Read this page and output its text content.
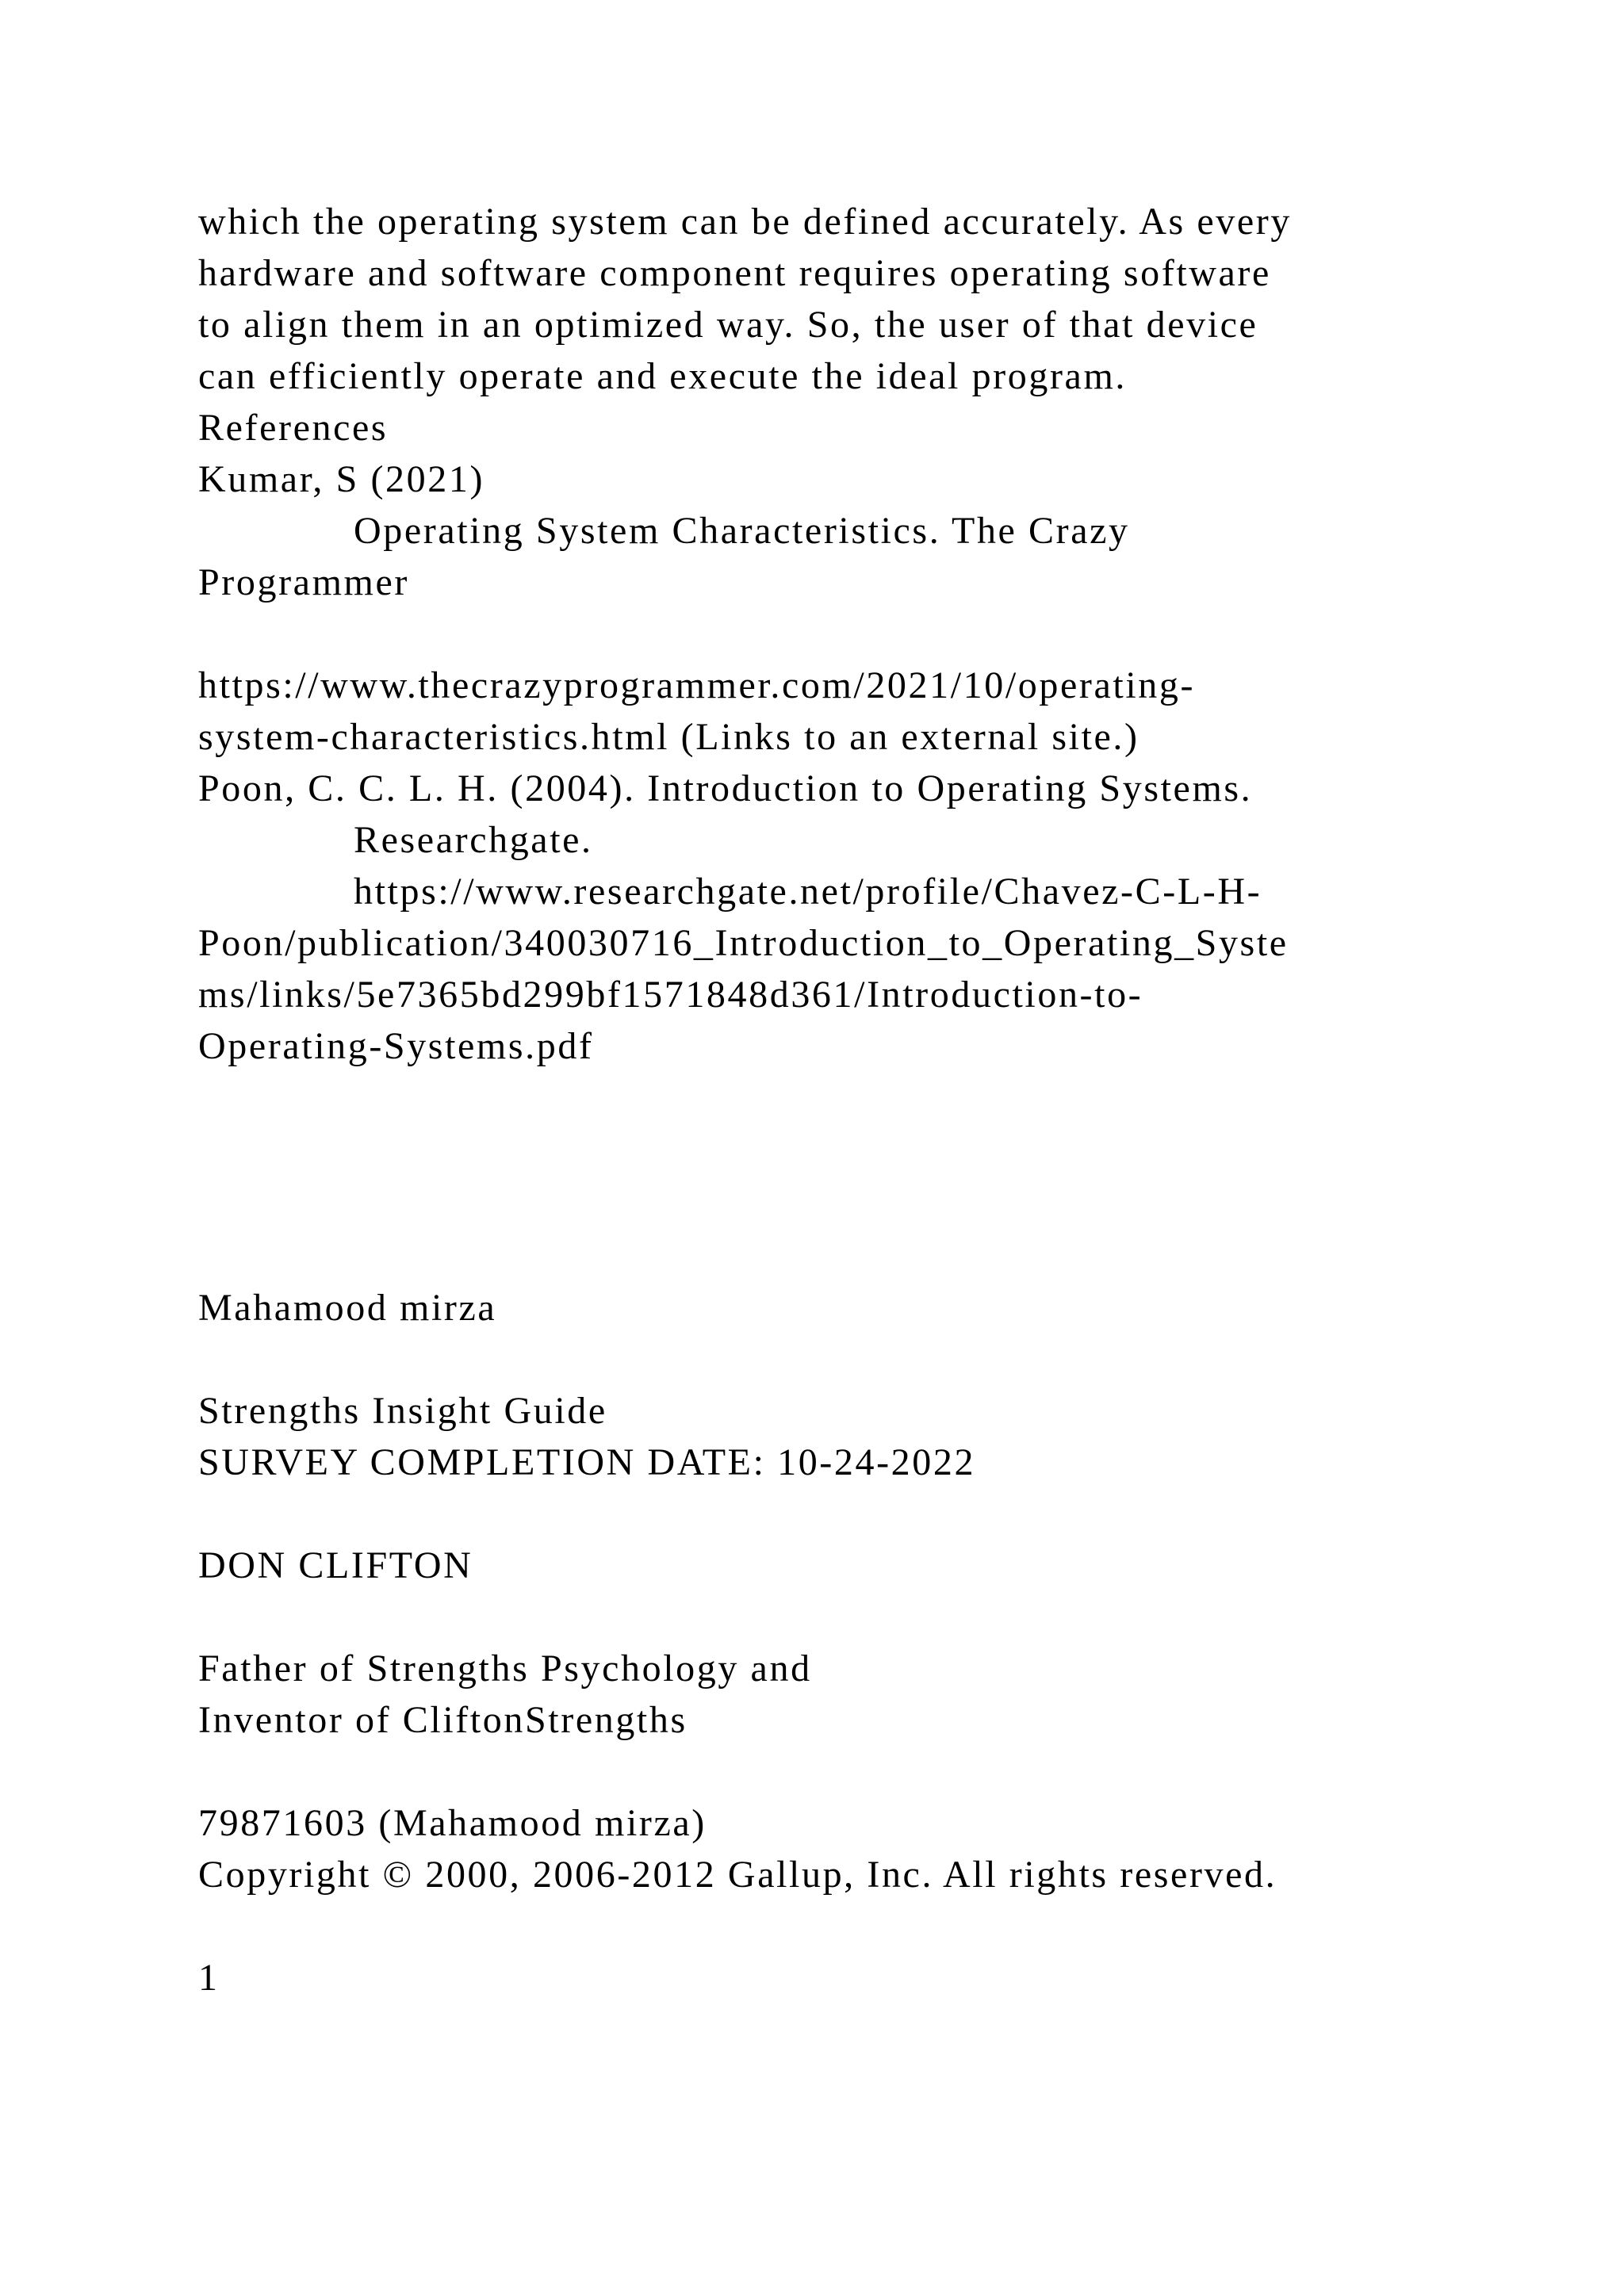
which the operating system can be defined accurately. As every

hardware and software component requires operating software

to align them in an optimized way. So, the user of that device

can efficiently operate and execute the ideal program.

References

Kumar, S (2021)

Operating System Characteristics. The Crazy

Programmer

https://www.thecrazyprogrammer.com/2021/10/operating-

system-characteristics.html (Links to an external site.)

Poon, C. C. L. H. (2004). Introduction to Operating Systems.

Researchgate.

https://www.researchgate.net/profile/Chavez-C-L-H-

Poon/publication/340030716_Introduction_to_Operating_Syste

ms/links/5e7365bd299bf1571848d361/Introduction-to-

Operating-Systems.pdf

Mahamood mirza

Strengths Insight Guide

SURVEY COMPLETION DATE: 10-24-2022

DON CLIFTON

Father of Strengths Psychology and

Inventor of CliftonStrengths

79871603 (Mahamood mirza)

Copyright © 2000, 2006-2012 Gallup, Inc. All rights reserved.

1
